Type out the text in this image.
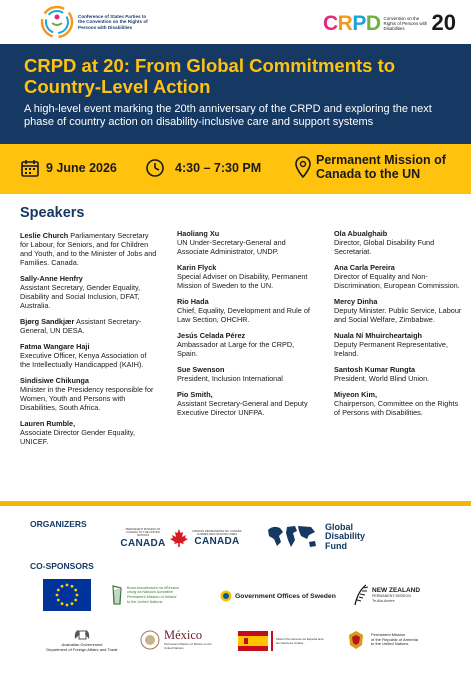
Conference of States Parties to the Convention on the Rights of Persons with Disabilities	CRPD Convention on the Rights of Persons with Disabilities	20
CRPD at 20: From Global Commitments to Country-Level Action
A high-level event marking the 20th anniversary of the CRPD and exploring the next phase of country action on disability-inclusive care and support systems
9 June 2026	4:30 – 7:30 PM
Permanent Mission of
Canada to the UN
Speakers
Leslie Church Parliamentary Secretary for Labour, for Seniors, and for Children and Youth, and to the Minister of Jobs and Families. Canada.
Sally-Anne Henfry
Assistant Secretary, Gender Equality, Disability and Social Inclusion, DFAT, Australia.
Bjørg Sandkjær Assistant Secretary-General, UN DESA.
Fatma Wangare Haji
Executive Officer, Kenya Association of the Intellectually Handicapped (KAIH).
Sindisiwe Chikunga
Minister in the Presidency responsible for Women, Youth and Persons with Disabilities, South Africa.
Lauren Rumble,
Associate Director Gender Equality, UNICEF.
Haoliang Xu
UN Under-Secretary-General and Associate Administrator, UNDP.
Karin Flyck
Special Adviser on Disability, Permanent Mission of Sweden to the UN.
Rio Hada
Chief, Equality, Development and Rule of Law Section, OHCHR.
Jesús Celada Pérez
Ambassador at Large for the CRPD, Spain.
Sue Swenson
President, Inclusion International
Pio Smith,
Assistant Secretary-General and Deputy Executive Director UNFPA.
Ola Abualghaib
Director, Global Disability Fund Secretariat.
Ana Carla Pereira
Director of Equality and Non-Discrimination, European Commission.
Mercy Dinha
Deputy Minister. Public Service, Labour and Social Welfare, Zimbabwe.
Nuala Ní Mhuircheartaigh
Deputy Permanent Representative, Ireland.
Santosh Kumar Rungta
President, World Blind Union.
Miyeon Kim,
Chairperson, Committee on the Rights of Persons with Disabilities.
ORGANIZERS	PERMANENT MISSION OF CANADA TO THE UNITED NATIONS
CANADA
MISSION PERMANENTE DU CANADA AUPRÈS DES NATIONS UNIES
CANADA
Global
Disability
Fund
CO-SPONSORS
Buan-toscaireacht na hÉireann
chuig na Náisiúin Aontaithe
Permanent Mission of Ireland
to the United Nations
Government Offices of Sweden
NEW ZEALAND
PERMANENT MISSION
Te Aka Aorere
Australian Government
Department of Foreign Affairs and Trade
México
Permanent Mission of Mexico to the United Nations
Misión Permanente de España ante las Naciones Unidas
Permanent Mission
of the Republic of Armenia
to the United Nations
